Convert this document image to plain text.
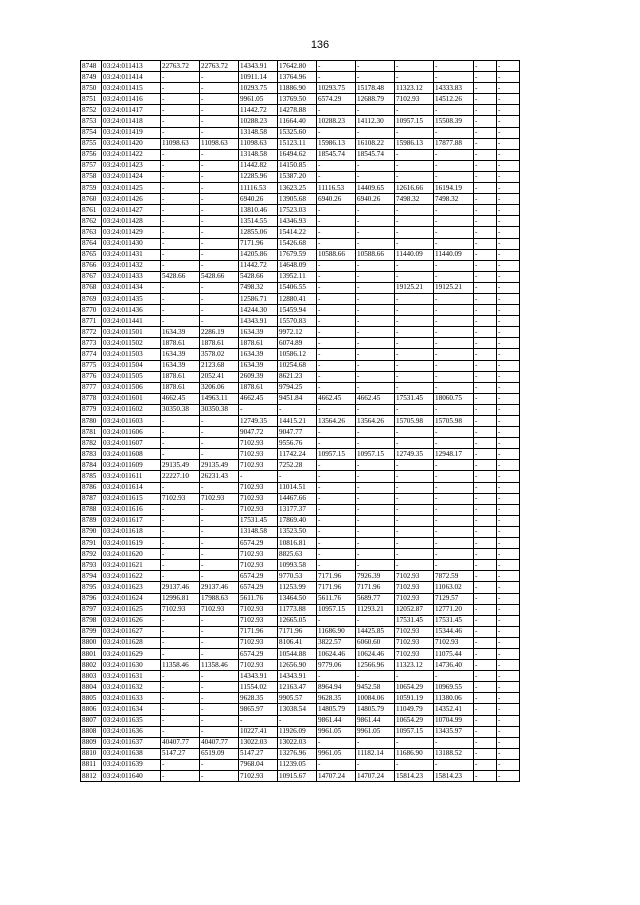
136
8748	03:24:011413	22763.72	22763.72	14343.91	17642.80	-	-	-	-	-	-
8749	03:24:011414	-	-	10911.14	13764.96	-	-	-	-	-	-
8750	03:24:011415	-	-	10293.75	11886.90	10293.75	15178.48	11323.12	14333.83	-	-
8751	03:24:011416	-	-	9961.05	13769.50	6574.29	12688.79	7102.93	14512.26	-	-
8752	03:24:011417	-	-	11442.72	14278.88	-	-	-	-	-	-
8753	03:24:011418	-	-	10288.23	11664.40	10288.23	14112.30	10957.15	15508.39	-	-
8754	03:24:011419	-	-	13148.58	15325.60	-	-	-	-	-	-
8755	03:24:011420	11098.63	11098.63	11098.63	15123.11	15986.13	16108.22	15986.13	17877.88	-	-
8756	03:24:011422	-	-	13148.58	16494.62	18545.74	18545.74	-	-	-	-
8757	03:24:011423	-	-	11442.82	14150.85	-	-	-	-	-	-
8758	03:24:011424	-	-	12285.96	15387.20	-	-	-	-	-	-
8759	03:24:011425	-	-	11116.53	13623.25	11116.53	14409.65	12616.66	16194.19	-	-
8760	03:24:011426	-	-	6940.26	13905.68	6940.26	6940.26	7498.32	7498.32	-	-
8761	03:24:011427	-	-	13810.46	17523.03	-	-	-	-	-	-
8762	03:24:011428	-	-	13514.55	14346.93	-	-	-	-	-	-
8763	03:24:011429	-	-	12855.06	15414.22	-	-	-	-	-	-
8764	03:24:011430	-	-	7171.96	15426.68	-	-	-	-	-	-
8765	03:24:011431	-	-	14205.86	17679.59	10588.66	10588.66	11440.09	11440.09	-	-
8766	03:24:011432	-	-	11442.72	14648.09	-	-	-	-	-	-
8767	03:24:011433	5428.66	5428.66	5428.66	13952.11	-	-	-	-	-	-
8768	03:24:011434	-	-	7498.32	15406.55	-	-	19125.21	19125.21	-	-
8769	03:24:011435	-	-	12586.71	12880.41	-	-	-	-	-	-
8770	03:24:011436	-	-	14244.30	15459.94	-	-	-	-	-	-
8771	03:24:011441	-	-	14343.91	15570.83	-	-	-	-	-	-
8772	03:24:011501	1634.39	2286.19	1634.39	9972.12	-	-	-	-	-	-
8773	03:24:011502	1878.61	1878.61	1878.61	6074.89	-	-	-	-	-	-
8774	03:24:011503	1634.39	3578.02	1634.39	10586.12	-	-	-	-	-	-
8775	03:24:011504	1634.39	2123.68	1634.39	10254.68	-	-	-	-	-	-
8776	03:24:011505	1878.61	2052.41	2609.39	8621.23	-	-	-	-	-	-
8777	03:24:011506	1878.61	3206.06	1878.61	9794.25	-	-	-	-	-	-
8778	03:24:011601	4662.45	14963.11	4662.45	9451.84	4662.45	4662.45	17531.45	18060.75	-	-
8779	03:24:011602	30350.38	30350.38	-	-	-	-	-	-	-	-
8780	03:24:011603	-	-	12749.35	14415.21	13564.26	13564.26	15705.98	15705.98	-	-
8781	03:24:011606	-	-	9047.72	9047.77	-	-	-	-	-	-
8782	03:24:011607	-	-	7102.93	9556.76	-	-	-	-	-	-
8783	03:24:011608	-	-	7102.93	11742.24	10957.15	10957.15	12749.35	12948.17	-	-
8784	03:24:011609	29135.49	29135.49	7102.93	7252.28	-	-	-	-	-	-
8785	03:24:011611	22227.10	26231.43	-	-	-	-	-	-	-	-
8786	03:24:011614	-	-	7102.93	11014.51	-	-	-	-	-	-
8787	03:24:011615	7102.93	7102.93	7102.93	14467.66	-	-	-	-	-	-
8788	03:24:011616	-	-	7102.93	13177.37	-	-	-	-	-	-
8789	03:24:011617	-	-	17531.45	17869.40	-	-	-	-	-	-
8790	03:24:011618	-	-	13148.58	13523.50	-	-	-	-	-	-
8791	03:24:011619	-	-	6574.29	10816.81	-	-	-	-	-	-
8792	03:24:011620	-	-	7102.93	8825.63	-	-	-	-	-	-
8793	03:24:011621	-	-	7102.93	10993.58	-	-	-	-	-	-
8794	03:24:011622	-	-	6574.29	9770.53	7171.96	7926.39	7102.93	7872.59	-	-
8795	03:24:011623	29137.46	29137.46	6574.29	11253.99	7171.96	7171.96	7102.93	11063.02	-	-
8796	03:24:011624	12996.81	17988.63	5611.76	13464.50	5611.76	5689.77	7102.93	7129.57	-	-
8797	03:24:011625	7102.93	7102.93	7102.93	11773.88	10957.15	11293.21	12052.87	12771.20	-	-
8798	03:24:011626	-	-	7102.93	12665.05	-	-	17531.45	17531.45	-	-
8799	03:24:011627	-	-	7171.96	7171.96	11686.90	14425.85	7102.93	15344.46	-	-
8800	03:24:011628	-	-	7102.93	8106.41	3822.57	6060.60	7102.93	7102.93	-	-
8801	03:24:011629	-	-	6574.29	10544.88	10624.46	10624.46	7102.93	11075.44	-	-
8802	03:24:011630	11358.46	11358.46	7102.93	12656.90	9779.06	12566.96	11323.12	14736.40	-	-
8803	03:24:011631	-	-	14343.91	14343.91	-	-	-	-	-	-
8804	03:24:011632	-	-	11554.02	12163.47	8964.94	9452.58	10654.29	10969.55	-	-
8805	03:24:011633	-	-	9628.35	9905.57	9628.35	10084.06	10591.19	11380.06	-	-
8806	03:24:011634	-	-	9865.97	13038.54	14805.79	14805.79	11049.79	14352.41	-	-
8807	03:24:011635	-	-	-	-	9861.44	9861.44	10654.29	10704.99	-	-
8808	03:24:011636	-	-	10227.41	11926.09	9961.05	9961.05	10957.15	13435.97	-	-
8809	03:24:011637	40407.77	40407.77	13022.03	13022.03	-	-	-	-	-	-
8810	03:24:011638	5147.27	6519.09	5147.27	13276.96	9961.05	11182.14	11686.90	13188.52	-	-
8811	03:24:011639	-	-	7968.04	11239.05	-	-	-	-	-	-
8812	03:24:011640	-	-	7102.93	10915.67	14707.24	14707.24	15814.23	15814.23	-	-
